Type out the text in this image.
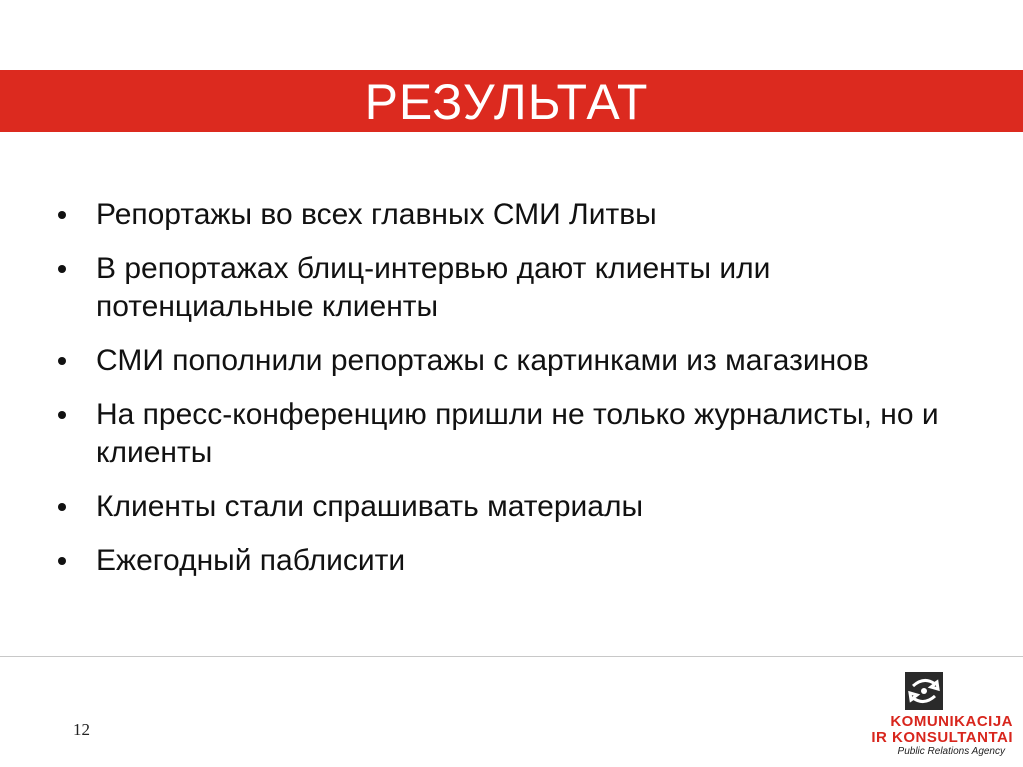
РЕЗУЛЬТАТ
Репортажы во всех главных СМИ Литвы
В репортажах блиц-интервью дают клиенты или потенциальные клиенты
СМИ пополнили репортажы с картинками из магазинов
На пресс-конференцию пришли не только журналисты, но и клиенты
Клиенты стали спрашивать материалы
Ежегодный паблисити
12	KOMUNIKACIJA
IR KONSULTANTAI
Public Relations Agency
